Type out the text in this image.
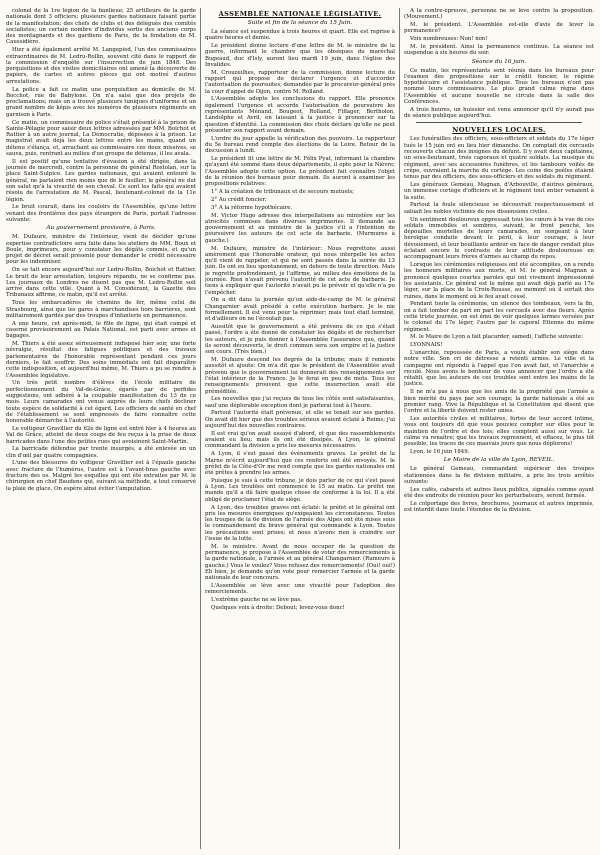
colonel de la 1re légion de la banlieue; 25 artilleurs de la garde nationale dont 3 officiers; plusieurs gardes nationaux faisant partie de la manifestation; des chefs de clubs et des délégués des comités socialistes; un certain nombre d'individus sortis des anciens corps des montagnards et des gardiens de Paris, de la fondation de M. Caussidière.

Hier a été également arrêté M. Langepied, l'un des commissaires extraordinaires de M. Ledru-Rollin, souvent cité dans le rapport de la commission d'enquête sur l'insurrection de juin 1848. Des perquisitions et des visites domiciliaires ont amené la découverte de papiers, de cartes et autres pièces qui ont motivé d'autres arrestations.

La police a fait ce matin une perquisition au domicile de M. Bocchot, rue de Babylone. On n'a saisi que des projets de proclamations; mais on a trouvé plusieurs tuniques d'uniforme et un grand nombre de képis avec les numéros de plusieurs régiments en garnison à Paris.

Ce matin, un commissaire de police s'était présenté à la prison de Sainte-Pélagie pour saisir deux lettres adressées par MM. Boichot et Rattier à un autre journal, La Démocratie, déposées à la prison. Le magistrat avait déjà les deux lettres entre les mains, quand un détenu s'élança, et, arrachant au commissaire ces deux missives, se sauva, puis, rentrant au milieu d'un groupe de détenus, il les avala.

Il est positif qu'une tentative d'évasion a été dirigée, dans la journée de mercredi, contre la personne du général Rostolan, sur la place Saint-Sulpice. Les gardes nationaux, qui avaient entouré le général, ne parlaient rien moins que de le fusiller; le général ne dut son salut qu'à la vivacité de son cheval. Ce sont les faits qui avaient résolu de l'arrestation de M. Pascal, lieutenant-colonel de la 11e légion.

Le bruit courait, dans les couloirs de l'Assemblée, qu'une lettre venant des frontières des pays étrangers de Paris, portait l'adresse suivante:

Au gouvernement provisoire, à Paris.

M. Dufaure, ministre de l'intérieur, vient de décider qu'une expertise contradictoire sera faite dans les ateliers de MM. Boux et Boule, imprimeurs, pour y constater les dégâts commis, et qu'un projet de décret serait présenté pour demander le crédit nécessaire pour les indemniser.

On se tait encore aujourd'hui sur Ledru-Rollin, Boichot et Rattier. Le bruit de leur arrestation, toujours répandu, ne se confirme pas. Les journaux de Londres ne disent pas que M. Ledru-Rollin soit arrivé dans cette ville. Quant à M. Considerant, la Gazette des Tribunaux affirme, ce matin, qu'il est arrêté.

Tous les embarcadères de chemins de fer, même celui de Strasbourg, ainsi que les gares à marchandises hors barrières, sont militairement gardés par des troupes d'infanterie en permanence.

A une heure, cet après-midi, le 69e de ligne, qui était campé et caserné provisoirement au Palais National, est parti avec armes et bagages.

M. Thiers a été assez sérieusement indisposé hier soir, une forte névralgie, résultat des fatigues politiques et des travaux parlementaires de l'honorable représentant pendant ces jours derniers, le fait souffrir. Des soins immédiats ont fait disparaître cette indisposition, et aujourd'hui même, M. Thiers a pu se rendre à l'Assemblée législative.

Un très petit nombre d'élèves de l'école militaire de perfectionnement du Val-de-Grâce, égarés par de perfides suggestions, ont adhéré à la coupable manifestation du 13 de ce mois. Leurs camarades ont venus auprès de leurs chefs décliner toute espèce de solidarité à cet égard. Les officiers de santé en chef de l'établissement se sont empressés de faire connaître cette honorable démarche à l'autorité.

Le voltigeur Gravillier du 62e de ligne est entré hier à 4 heures au Val de Grâce, atteint de deux coups de feu reçus à la prise de deux barricades dans l'une des petites rues qui avoisinent Saint-Martin.

La barricade défendue par trente insurgés, a été enlevée en un clin d'œil par quatre compagnies.

L'une des blessures du voltigeur Gravillier est à l'épaule gauche avec fracture de l'humérus, l'autre est à l'avant-bras gauche avec fracture des os. Malgré les esquilles qui ont été extraites par M. le chirurgien en chef Baudens qui, suivant sa méthode, a tout conservé la plaie de glace. On espère ainsi éviter l'amputation.

ASSEMBLÉE NATIONALE LÉGISLATIVE.

Suite et fin de la séance du 15 Juin.

La séance est suspendue à trois heures et quart. Elle est reprise à quatre heures et demie.

Le président donne lecture d'une lettre de M. le ministre de la guerre, informant le chambre que les obsèques du maréchal Bugeaud, duc d'Isly, auront lieu mardi 19 juin, dans l'église des Invalides.

M. Crouzeilhes, rapporteur de la commission, donne lecture du rapport qui propose de déclarer l'urgence et d'accorder l'autorisation de poursuites, demandée par le procureur-général près la cour d'appel de Dijon, contre M. Rolland.

L'Assemblée adopte les conclusions du rapport. Elle prononce également l'urgence et accorde l'autorisation de poursuivre les représentants Ménand, Bougeot, Rolland, Fiflager, Bertholon, Landolphe et Avril, en laissant à la justice à prononcer sur la question d'identité. La commission des choix déclare qu'elle ne peut présenter son rapport avant demain.

L'ordre du jour appelle la vérification des pouvoirs. Le rapporteur du 5e bureau rend compte des élections de la Loire. Retour de la discussion à lundi.

Le président lit une lettre de M. Félix Pyat, informant la chambre qu'ayant été sommé dans deux départements, il opte pour la Nièvre; l'Assemblée adopte cette option. Le président fait connaître l'objet de la réunion des bureaux pour demain. Ils auront à examiner les propositions relatives:

1° A la création de tribunaux et de secours mutuels;

2° Au crédit foncier;

3° A la réforme hypothécaire.

M. Victor Hugo adresse des interpellations au ministère sur les atrocités commises dans diverses imprimeries. Il demande au gouvernement et au ministre de la justice s'il a l'intention de poursuivre les auteurs de cet acte de barbarie. (Murmures à gauche.)

M. Dufaure, ministre de l'intérieur: Nous regrettons aussi amèrement que l'honorable orateur, qui nous interpelle les actes qu'il vient de rappeler, et qui ne sont passés dans la soirée du 13 juin. Ils ont eu lieu spontanément, en dehors de toute direction. Mais je regrette profondément, je l'affirme, au milieu des émotions de la journée. Rien n'avait prévenu l'autorité de cet acte de barbarie. Je tiens à expliquer que l'autorité n'avait pu le prévoir et qu'elle n'a pu l'empêcher.

On a dit dans la journée qu'un aide-de-camp de M. le général Changarnier avait présidé à cette exécution barbare. Je le nie formellement. Il est venu pour la réprimer; mais tout était terminé, et d'ailleurs on ne l'écoutait pas.

Aussitôt que le gouvernement a été prévenu de ce qui s'était passé, l'ordre a été donné de constater les dégâts et de rechercher les auteurs, et je puis donner à l'Assemblée l'assurance que, quand ils seront découverts, le droit commun sera son empire et la justice son cours. (Très bien.)

M. Dufaure descend les degrés de la tribune; mais il remonte aussitôt et ajoute: On m'a dit que le président de l'Assemblée avait prévenu que le gouvernement lui donnerait des renseignements sur l'état intérieur de la France. Je le ferai en peu de mots. Tous les renseignements prouvent que cette insurrection avait été préméditée.

Les nouvelles que j'ai reçues de tous les côtés sont satisfaisantes, sauf une déplorable exception dont je parlerai tout à l'heure.

Partout l'autorité était prévenue, et elle se tenait sur ses gardes. On avait dit hier que des troubles sérieux avaient éclaté à Reims; j'ai aujourd'hui des nouvelles contraires.

Il est vrai qu'on avait essayé d'abord, et que des rassemblements avaient eu lieu; mais ils ont été dissipés. A Lyon, le général commandant la division a pris les mesures nécessaires.

A Lyon, il s'est passé des événements graves. Le préfet de la Marne m'écrit aujourd'hui que ces renforts ont été envoyés. M. le préfet de la Côte-d'Or me rend compte que les gardes nationales ont été prêtes à prendre les armes.

Puisque je suis à cette tribune, je dois parler de ce qui s'est passé à Lyon. Les troubles ont commencé le 15 au matin. Le préfet me mande qu'il a dû faire quelque chose de conforme à la loi. Il a été obligé de proclamer l'état de siège.

A Lyon, des troubles graves ont éclaté: le préfet et le général ont pris les mesures énergiques qu'exigeaient les circonstances. Toutes les troupes de la 6e division de l'armée des Alpes ont été mises sous le commandement du brave général qui commande à Lyon. Toutes les précautions sont prises; et nous n'avons rien à craindre sur l'issue de la lutte.

M. le ministre. Avant de nous occuper de la question de permanence, je propose à l'Assemblée de voter des remerciements à la garde nationale, à l'armée et au général Changarnier. (Rumeurs à gauche.) Vous le voulez? Vous refusez des remerciements! (Oui! oui!) Eh bien, je demande qu'on vote pour remercier l'armée et la garde nationale de leur concours.

L'Assemblée se lève avec une vivacité pour l'adoption des remerciements.

L'extrême gauche ne se lève pas.

Quelques voix à droite: Debout; levez-vous donc!

A la contre-épreuve, personne ne se lève contre la proposition. (Mouvement.)

M. le président. L'Assemblée est-elle d'avis de lever la permanence?

Voix nombreuses: Non! non!

M. le président. Ainsi la permanence continue. La séance est suspendue à six heures du soir.

Séance du 16 juin.

Ce matin, les représentants sont réunis dans les bureaux pour l'examen des propositions sur le crédit foncier, le régime hypothécaire et l'assistance publique. Tous les bureaux n'ont pas nommé leurs commissaires. Le plus grand calme règne dans l'Assemblée et aucune nouvelle ne circule dans la salle des Conférences.

A trois heures, un huissier est venu annoncer qu'il n'y aurait pas de séance publique aujourd'hui.

NOUVELLES LOCALES.

Les funérailles des officiers, sous-officiers et soldats du 17e léger tués le 15 juin ont eu lieu hier dimanche. On comptait dix cercueils recouverts chacun des insignes du défunt. Il y avait deux capitaines, un sous-lieutenant, trois caporaux et quatre soldats. La musique du régiment, avec ses accessoires funèbres, et les tambours voilés de crêpe, ouvraient la marche du cortège. Les coins des poêles étaient tenus par des officiers, des sous-officiers et des soldats du régiment.

Les généraux Gemeau, Magnan, d'Arbouville, d'autres généraux, un immense cortège d'officiers et le régiment tout entier venaient à la suite.

Partout la foule silencieuse se découvrait respectueusement et saluait les nobles victimes de nos dissensions civiles.

Un sentiment douloureux oppressait tous les cœurs à la vue de ces soldats immobiles et sombres, suivant, le front penché, les dépouilles mortelles de leurs camarades, en songeant à leur héroïque conduite devant le péril, à leur courage, à leur dévouement, et leur bouillante ardeur en face de danger rendait plus éclatant encore le contraste de leur attitude douloureuse en accompagnant leurs frères d'armes au champ du repos.

Lorsque les cérémonies religieuses ont été accomplies, on a rendu les honneurs militaires aux morts, et M. le général Magnan a prononcé quelques courtes paroles qui ont vivement impressionné les assistants. Ce général est le même qui avait déjà parlé au 17e léger, sur la place de la Croix-Rousse, au moment où il sortait des ruines, dans le moment où le feu avait cessé.

Pendant toute la cérémonie, un silence des tombeaux, vers la fin, on a fait tomber de part en part les cercueils avec des fleurs. Après cette triste journée, on est ému de voir quelques larmes versées par le colonel du 17e léger, l'autre par le caporal Etienne du même régiment.

M. le Maire de Lyon a fait placarder, samedi, l'affiche suivante:

LYONNAIS!

L'anarchie, repoussée de Paris, a voulu établir son siège dans notre ville. Son cri de détresse a retenti armes. Le ville et la campagne ont répondu à l'appel que l'on avait fait, et l'anarchie a reculé. Nous avons le bonheur de vous annoncer que l'ordre a été rétabli, que les auteurs de ces troubles sont entre les mains de la justice.

Il ne m'a pas à nous que les amis de la propriété que l'armée a bien mérité du pays par son courage; la garde nationale a été au premier rang. Vive la République et la Constitution qui disent que l'ordre et la liberté doivent rester unies.

Les autorités civiles et militaires, fortes de leur accord intime, vous ont toujours dit que vous pouviez compter sur elles pour le maintien de l'ordre et des lois; elles comptent aussi sur vous. Le calme va renaître; que les travaux reprennent, et effacez, le plus tôt possible, les traces de ces mauvais jours que nous déplorons!

Lyon, le 16 juin 1849.

Le Maire de la ville de Lyon, REVEIL.

Le général Gemeau, commandant supérieur des troupes stationnées dans la 6e division militaire, a pris les trois arrêtés suivants:

Les cafés, cabarets et autres lieux publics, signalés comme ayant été des endroits de réunion pour les perturbateurs, seront fermés.

Le colportage des livres, brochures, journaux et autres imprimés, est interdit dans toute l'étendue de la division.
